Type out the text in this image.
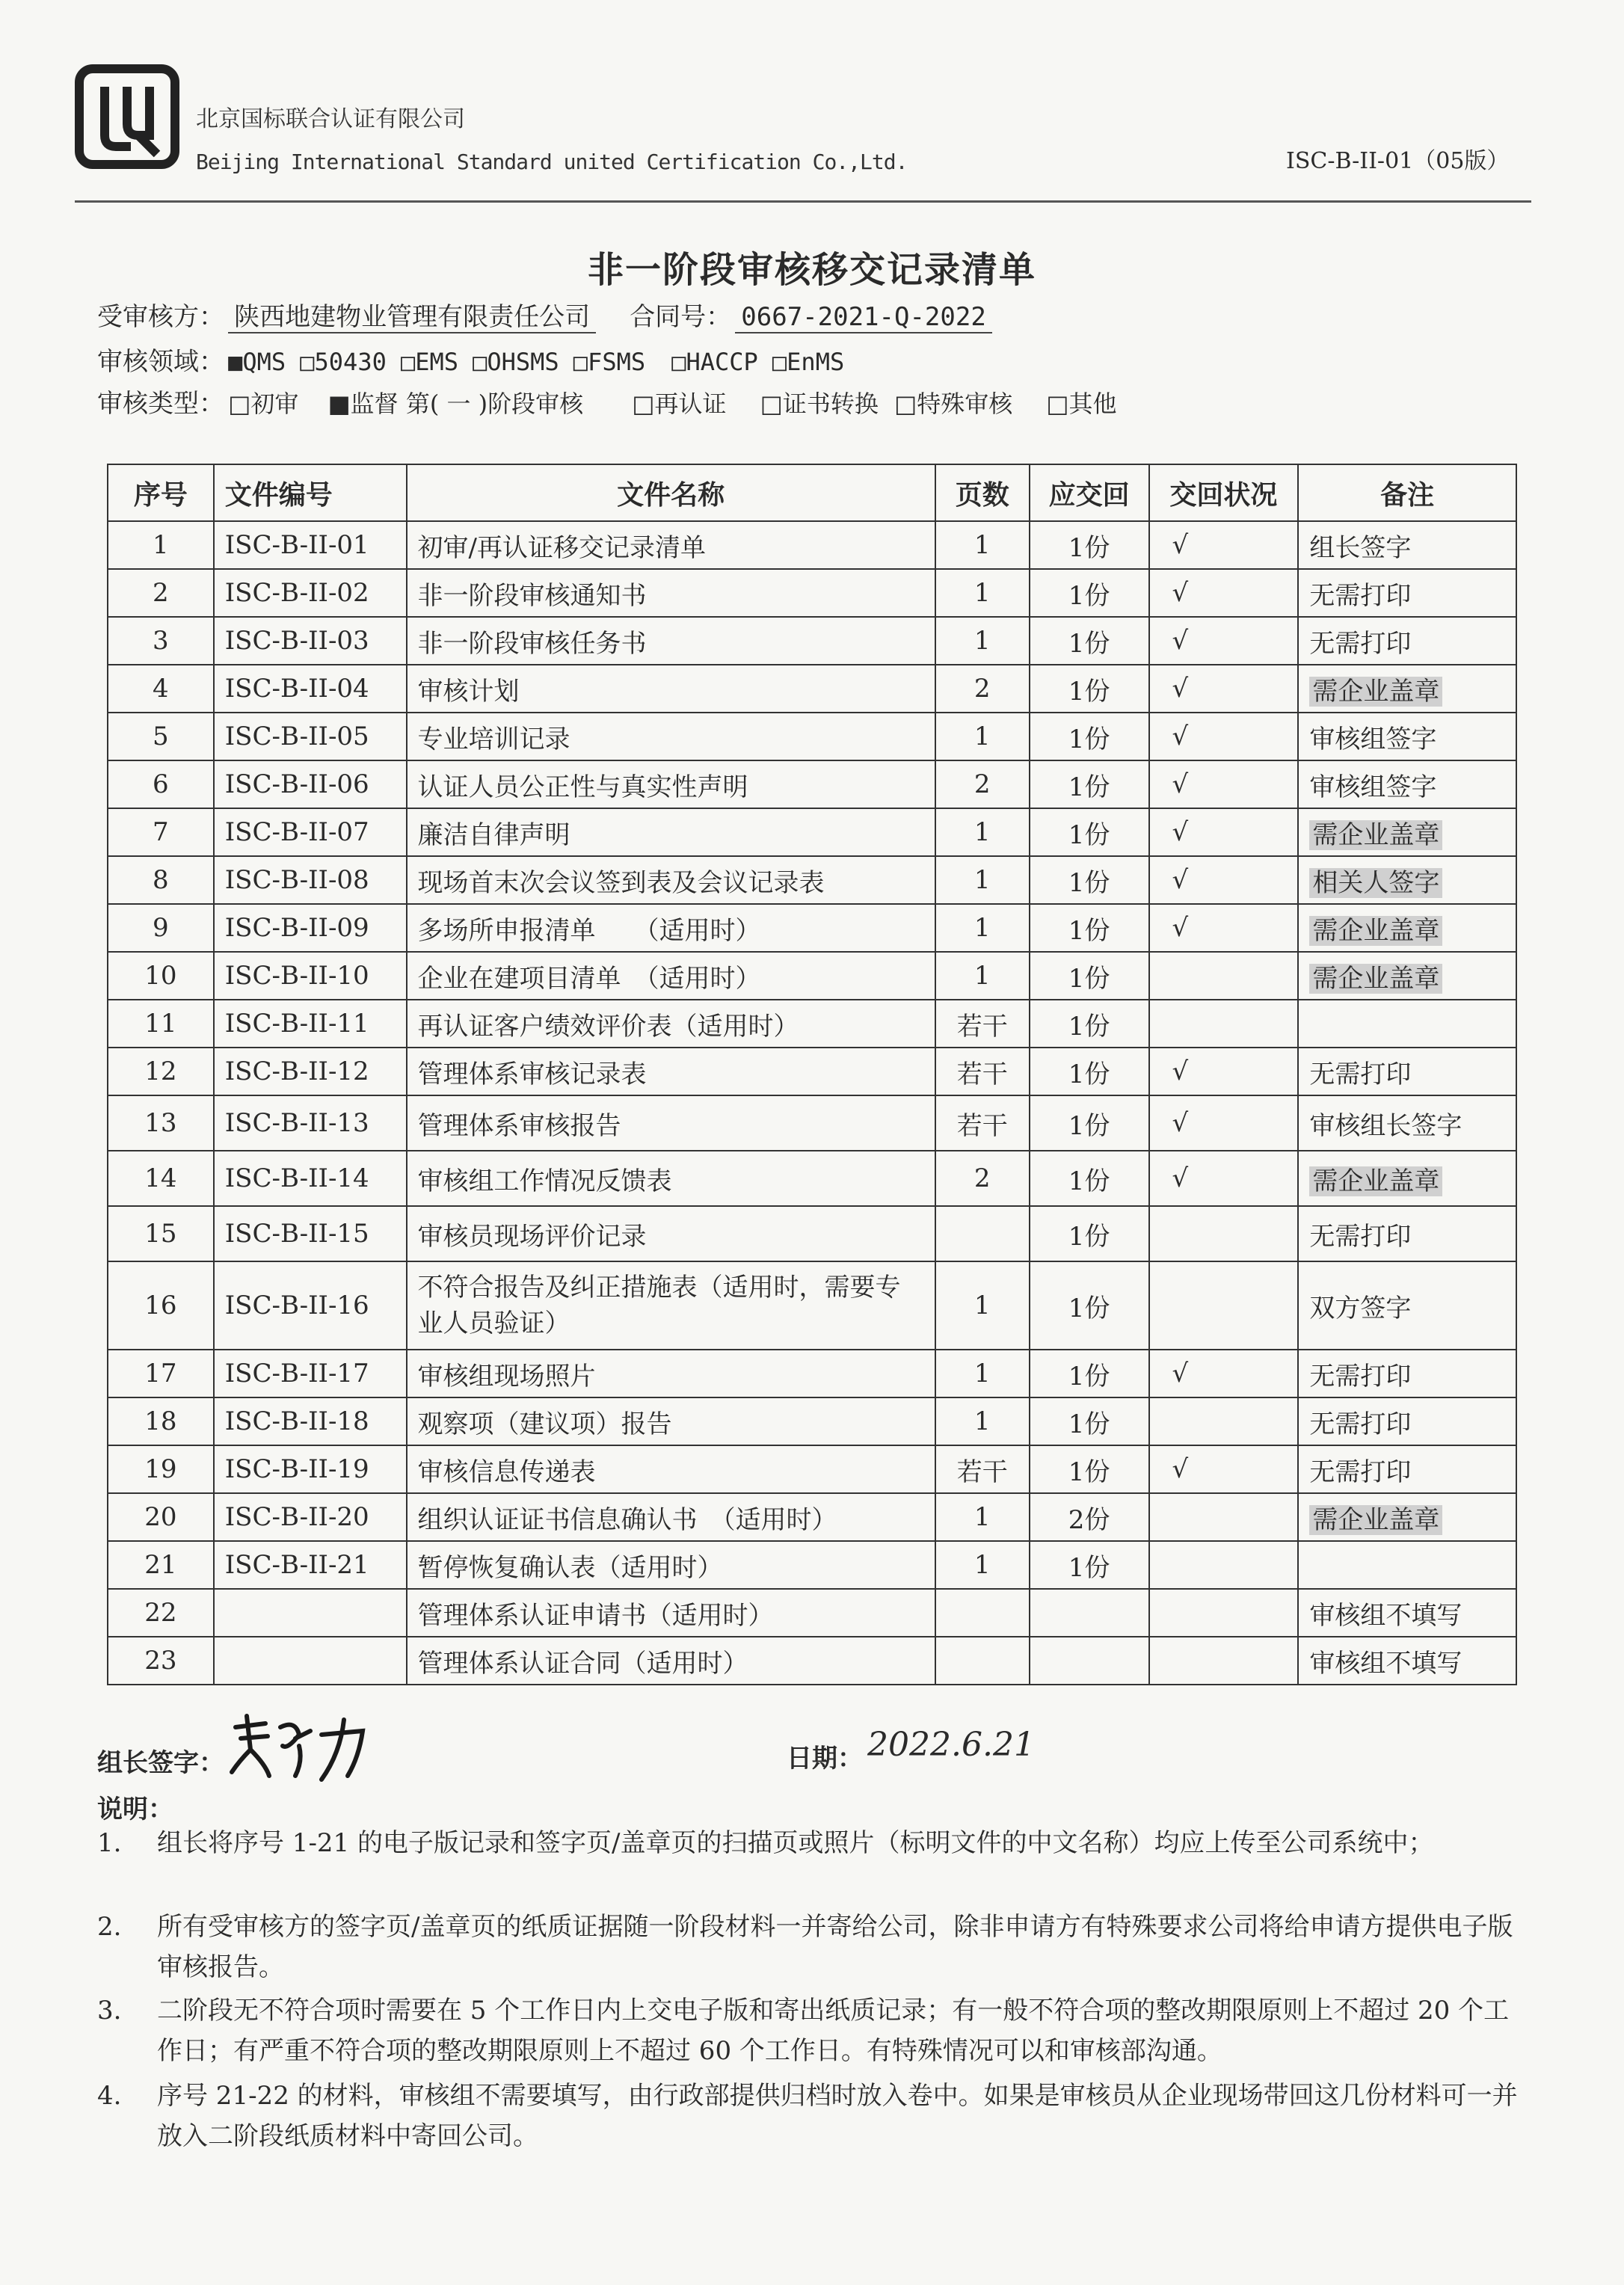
北京国标联合认证有限公司
Beijing International Standard united Certification Co.,Ltd.	ISC-B-II-01（05版）
非一阶段审核移交记录清单
受审核方： 陕西地建物业管理有限责任公司 合同号： 0667-2021-Q-2022
审核领域： ■QMS □50430 □EMS □OHSMS □FSMS □HACCP □EnMS
审核类型： □初审 ■监督 第( 一 )阶段审核 □再认证 □证书转换 □特殊审核 □其他
序号	文件编号	文件名称	页数	应交回	交回状况	备注
1	ISC-B-II-01	初审/再认证移交记录清单	1	1份	√	组长签字
2	ISC-B-II-02	非一阶段审核通知书	1	1份	√	无需打印
3	ISC-B-II-03	非一阶段审核任务书	1	1份	√	无需打印
4	ISC-B-II-04	审核计划	2	1份	√	需企业盖章
5	ISC-B-II-05	专业培训记录	1	1份	√	审核组签字
6	ISC-B-II-06	认证人员公正性与真实性声明	2	1份	√	审核组签字
7	ISC-B-II-07	廉洁自律声明	1	1份	√	需企业盖章
8	ISC-B-II-08	现场首末次会议签到表及会议记录表	1	1份	√	相关人签字
9	ISC-B-II-09	多场所申报清单　　（适用时）	1	1份	√	需企业盖章
10	ISC-B-II-10	企业在建项目清单　（适用时）	1	1份		需企业盖章
11	ISC-B-II-11	再认证客户绩效评价表（适用时）	若干	1份		
12	ISC-B-II-12	管理体系审核记录表	若干	1份	√	无需打印
13	ISC-B-II-13	管理体系审核报告	若干	1份	√	审核组长签字
14	ISC-B-II-14	审核组工作情况反馈表	2	1份	√	需企业盖章
15	ISC-B-II-15	审核员现场评价记录		1份		无需打印
16	ISC-B-II-16	不符合报告及纠正措施表（适用时，需要专业人员验证）	1	1份		双方签字
17	ISC-B-II-17	审核组现场照片	1	1份	√	无需打印
18	ISC-B-II-18	观察项（建议项）报告	1	1份		无需打印
19	ISC-B-II-19	审核信息传递表	若干	1份	√	无需打印
20	ISC-B-II-20	组织认证证书信息确认书　（适用时）	1	2份		需企业盖章
21	ISC-B-II-21	暂停恢复确认表（适用时）	1	1份		
22		管理体系认证申请书（适用时）				审核组不填写
23		管理体系认证合同（适用时）				审核组不填写
组长签字：	日期： 2022.6.21
说明：
1. 组长将序号 1-21 的电子版记录和签字页/盖章页的扫描页或照片（标明文件的中文名称）均应上传至公司系统中；
2. 所有受审核方的签字页/盖章页的纸质证据随一阶段材料一并寄给公司，除非申请方有特殊要求公司将给申请方提供电子版审核报告。
3. 二阶段无不符合项时需要在 5 个工作日内上交电子版和寄出纸质记录；有一般不符合项的整改期限原则上不超过 20 个工作日；有严重不符合项的整改期限原则上不超过 60 个工作日。有特殊情况可以和审核部沟通。
4. 序号 21-22 的材料，审核组不需要填写，由行政部提供归档时放入卷中。如果是审核员从企业现场带回这几份材料可一并放入二阶段纸质材料中寄回公司。
